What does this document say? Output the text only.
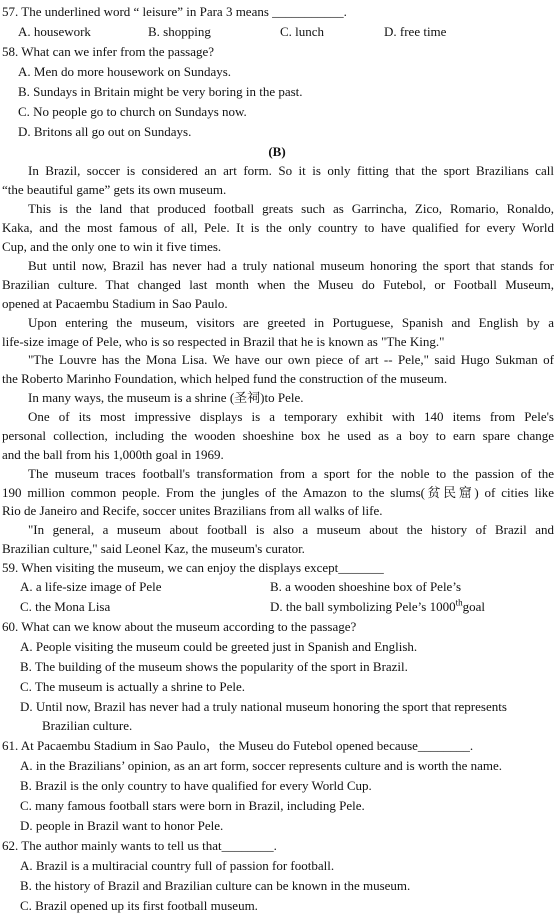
57. The underlined word “ leisure” in Para 3 means ___________.
A. housework	B. shopping	C. lunch	D. free time
58. What can we infer from the passage?
A. Men do more housework on Sundays.
B. Sundays in Britain might be very boring in the past.
C. No people go to church on Sundays now.
D. Britons all go out on Sundays.
(B)
In Brazil, soccer is considered an art form. So it is only fitting that the sport Brazilians call
“the beautiful game” gets its own museum.
This is the land that produced football greats such as Garrincha, Zico, Romario, Ronaldo,
Kaka, and the most famous of all, Pele. It is the only country to have qualified for every World
Cup, and the only one to win it five times.
But until now, Brazil has never had a truly national museum honoring the sport that stands for
Brazilian culture. That changed last month when the Museu do Futebol, or Football Museum,
opened at Pacaembu Stadium in Sao Paulo.
Upon entering the museum, visitors are greeted in Portuguese, Spanish and English by a
life-size image of Pele, who is so respected in Brazil that he is known as "The King."
"The Louvre has the Mona Lisa. We have our own piece of art -- Pele," said Hugo Sukman of
the Roberto Marinho Foundation, which helped fund the construction of the museum.
In many ways, the museum is a shrine (圣祠)to Pele.
One of its most impressive displays is a temporary exhibit with 140 items from Pele's
personal collection, including the wooden shoeshine box he used as a boy to earn spare change
and the ball from his 1,000th goal in 1969.
The museum traces football's transformation from a sport for the noble to the passion of the
190 million common people. From the jungles of the Amazon to the slums(贫民窟) of cities like
Rio de Janeiro and Recife, soccer unites Brazilians from all walks of life.
"In general, a museum about football is also a museum about the history of Brazil and
Brazilian culture," said Leonel Kaz, the museum's curator.
59. When visiting the museum, we can enjoy the displays except_______
A. a life-size image of Pele	B. a wooden shoeshine box of Pele’s
C. the Mona Lisa	D. the ball symbolizing Pele’s 1000thgoal
60. What can we know about the museum according to the passage?
A. People visiting the museum could be greeted just in Spanish and English.
B. The building of the museum shows the popularity of the sport in Brazil.
C. The museum is actually a shrine to Pele.
D. Until now, Brazil has never had a truly national museum honoring the sport that represents
Brazilian culture.
61. At Pacaembu Stadium in Sao Paulo，the Museu do Futebol opened because________.
A. in the Brazilians’ opinion, as an art form, soccer represents culture and is worth the name.
B. Brazil is the only country to have qualified for every World Cup.
C. many famous football stars were born in Brazil, including Pele.
D. people in Brazil want to honor Pele.
62. The author mainly wants to tell us that________.
A. Brazil is a multiracial country full of passion for football.
B. the history of Brazil and Brazilian culture can be known in the museum.
C. Brazil opened up its first football museum.
